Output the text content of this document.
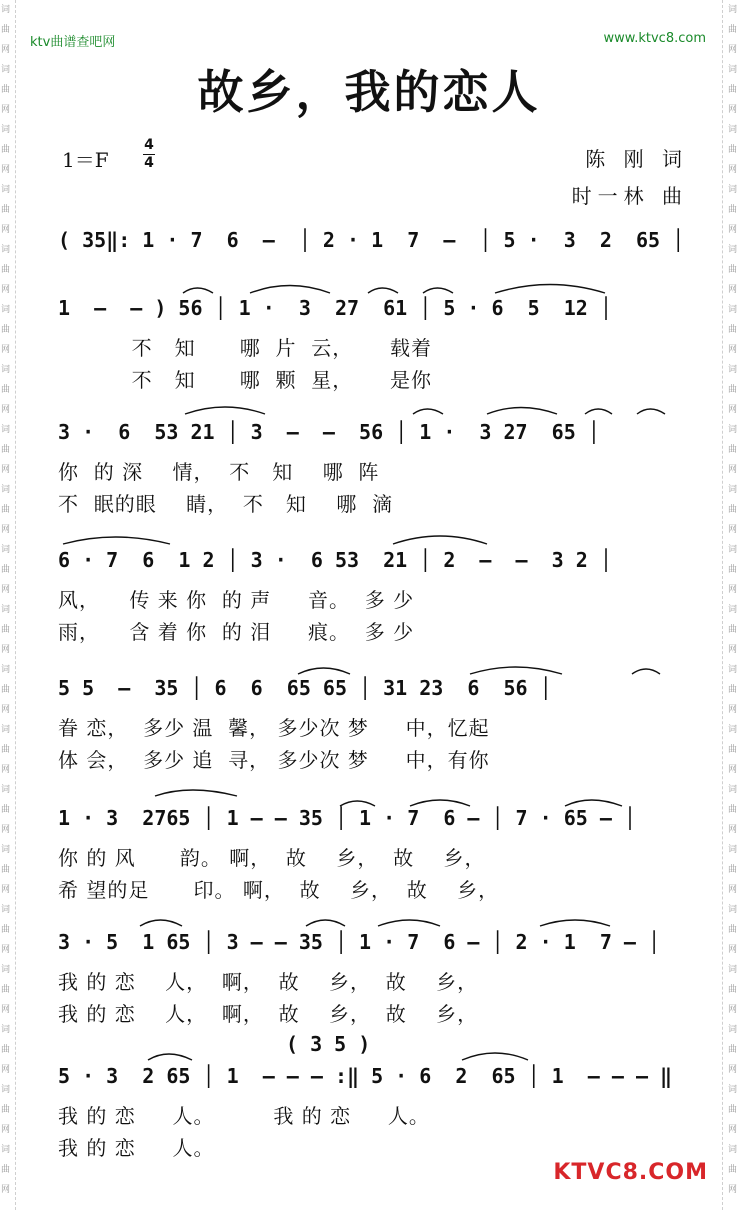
词
曲
网
词
曲
网
词
曲
网
词
曲
网
词
曲
网
词
曲
网
词
曲
网
词
曲
网
词
曲
网
词
曲
网
词
曲
网
词
曲
网
词
曲
网
词
曲
网
词
曲
网
词
曲
网
词
曲
网
词
曲
网
词
曲
网
词
曲
网
词
曲
网
词
曲
网
词
曲
网
词
曲
网
词
曲
网
词
曲
网
词
曲
网
词
曲
网
词
曲
网
词
曲
网
词
曲
网
词
曲
网
词
曲
网
词
曲
网
词
曲
网
词
曲
网
词
曲
网
词
曲
网
词
曲
网
词
曲
网
ktv曲谱查吧网	www.ktvc8.com
故乡，我的恋人
1＝F
4
4	陈 刚 词
时一林 曲
( 35‖: 1 · 7  6  –  │ 2 · 1  7  –  │ 5 ·  3  2  65 │
1  –  – ) 56 │ 1 ·  3  27  61 │ 5 · 6  5  12 │
不   知      哪  片  云，     载着
不   知      哪  颗  星，     是你
3 ·  6  53 21 │ 3  –  –  56 │ 1 ·  3 27  65 │
你  的 深    情，  不   知    哪  阵
不  眠的眼    睛，  不   知    哪  滴
6 · 7  6  1 2 │ 3 ·  6 53  21 │ 2  –  –  3 2 │
风，    传 来 你  的 声     音。  多 少
雨，    含 着 你  的 泪     痕。  多 少
5 5  –  35 │ 6  6  65 65 │ 31 23  6  56 │
眷 恋，  多少 温  馨， 多少次 梦     中，忆起
体 会，  多少 追  寻， 多少次 梦     中，有你
1 · 3  2765 │ 1 – – 35 │ 1 · 7  6 – │ 7 · 65 – │
你 的 风      韵。 啊，  故    乡，  故    乡，
希 望的足      印。 啊，  故    乡，  故    乡，
3 · 5  1 65 │ 3 – – 35 │ 1 · 7  6 – │ 2 · 1  7 – │
我 的 恋    人，  啊，  故    乡，  故    乡，
我 的 恋    人，  啊，  故    乡，  故    乡，
5 · 3  2 65 │ 1  – – – :‖ 5 · 6  2  65 │ 1  – – – ‖
我 的 恋     人。        我 的 恋     人。
我 的 恋     人。
( 3 5 )
KTVC8.COM
